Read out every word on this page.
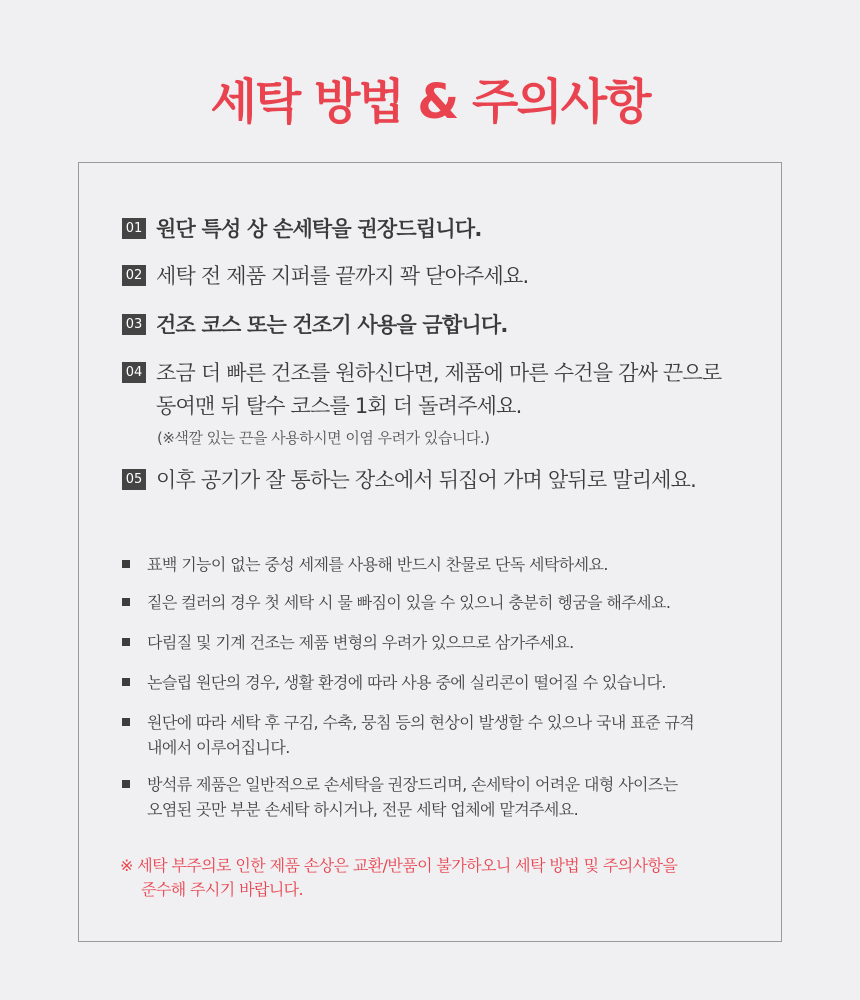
세탁 방법 & 주의사항
01 원단 특성 상 손세탁을 권장드립니다.
02 세탁 전 제품 지퍼를 끝까지 꽉 닫아주세요.
03 건조 코스 또는 건조기 사용을 금합니다.
04 조금 더 빠른 건조를 원하신다면, 제품에 마른 수건을 감싸 끈으로
동여맨 뒤 탈수 코스를 1회 더 돌려주세요.
(※색깔 있는 끈을 사용하시면 이염 우려가 있습니다.)
05 이후 공기가 잘 통하는 장소에서 뒤집어 가며 앞뒤로 말리세요.
표백 기능이 없는 중성 세제를 사용해 반드시 찬물로 단독 세탁하세요.
짙은 컬러의 경우 첫 세탁 시 물 빠짐이 있을 수 있으니 충분히 헹굼을 해주세요.
다림질 및 기계 건조는 제품 변형의 우려가 있으므로 삼가주세요.
논슬립 원단의 경우, 생활 환경에 따라 사용 중에 실리콘이 떨어질 수 있습니다.
원단에 따라 세탁 후 구김, 수축, 뭉침 등의 현상이 발생할 수 있으나 국내 표준 규격
내에서 이루어집니다.
방석류 제품은 일반적으로 손세탁을 권장드리며, 손세탁이 어려운 대형 사이즈는
오염된 곳만 부분 손세탁 하시거나, 전문 세탁 업체에 맡겨주세요.
※ 세탁 부주의로 인한 제품 손상은 교환/반품이 불가하오니 세탁 방법 및 주의사항을
준수해 주시기 바랍니다.
